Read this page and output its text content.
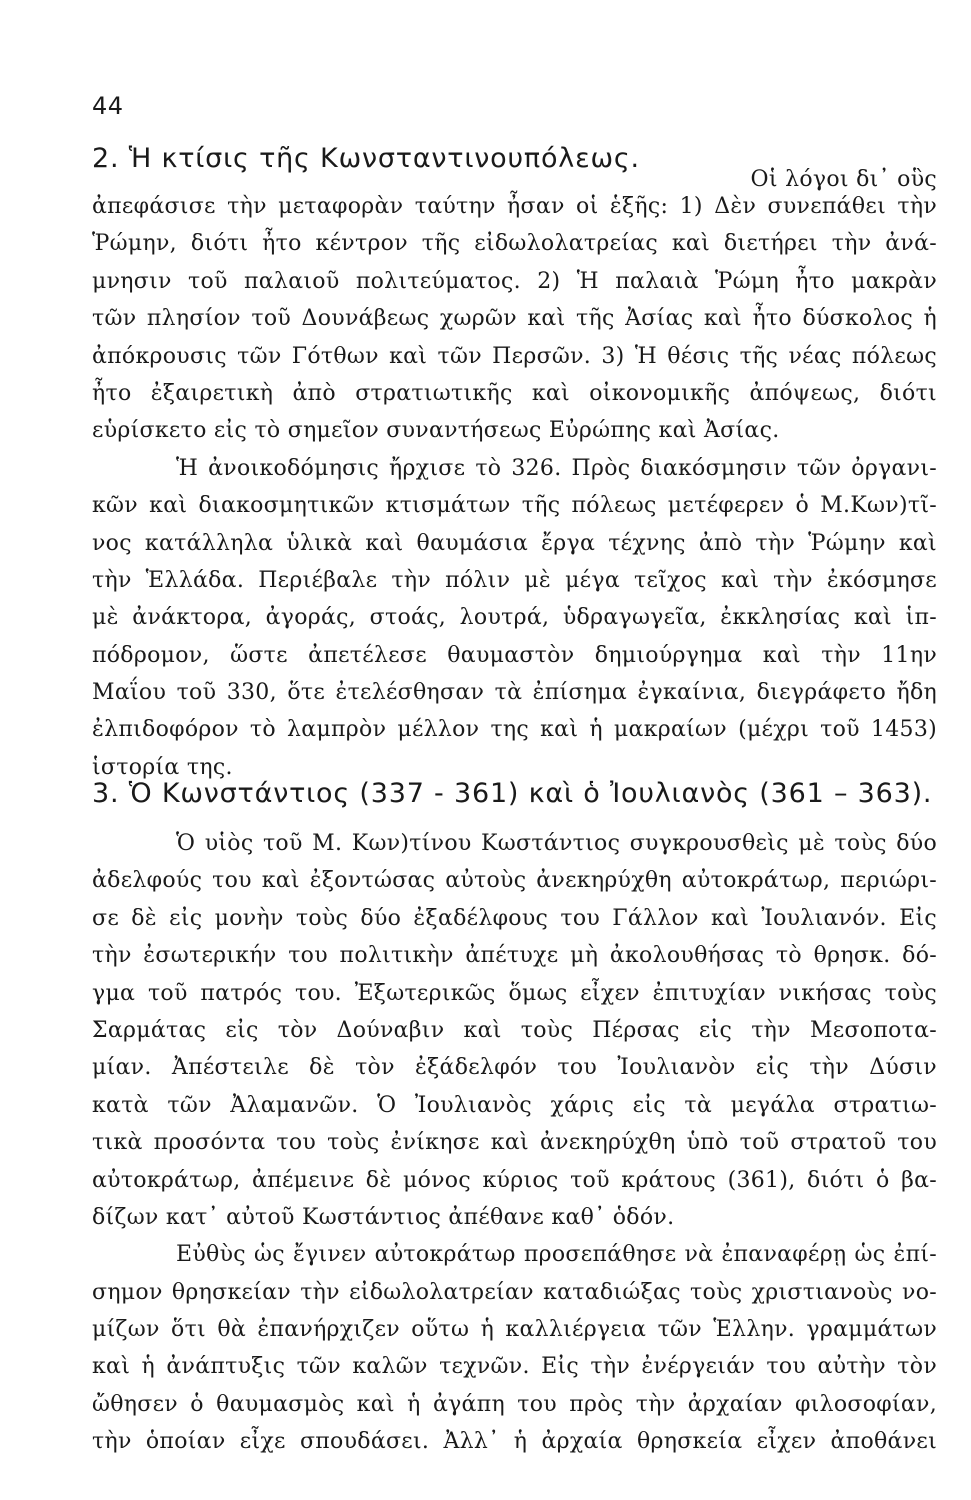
44
2. Ἡ κτίσις τῆς Κωνσταντινουπόλεως.
Οἱ λόγοι δι᾽ οὓς
ἀπεφάσισε τὴν μεταφορὰν ταύτην ἦσαν οἱ ἑξῆς: 1) Δὲν συνεπάθει τὴν
Ῥώμην, διότι ἦτο κέντρον τῆς εἰδωλολατρείας καὶ διετήρει τὴν ἀνά-
μνησιν τοῦ παλαιοῦ πολιτεύματος. 2) Ἡ παλαιὰ Ῥώμη ἦτο μακρὰν
τῶν πλησίον τοῦ Δουνάβεως χωρῶν καὶ τῆς Ἀσίας καὶ ἦτο δύσκολος ἡ
ἀπόκρουσις τῶν Γότθων καὶ τῶν Περσῶν. 3) Ἡ θέσις τῆς νέας πόλεως
ἦτο ἐξαιρετικὴ ἀπὸ στρατιωτικῆς καὶ οἰκονομικῆς ἀπόψεως, διότι
εὑρίσκετο εἰς τὸ σημεῖον συναντήσεως Εὐρώπης καὶ Ἀσίας.
Ἡ ἀνοικοδόμησις ἤρχισε τὸ 326. Πρὸς διακόσμησιν τῶν ὀργανι-
κῶν καὶ διακοσμητικῶν κτισμάτων τῆς πόλεως μετέφερεν ὁ Μ.Κων)τῖ-
νος κατάλληλα ὑλικὰ καὶ θαυμάσια ἔργα τέχνης ἀπὸ τὴν Ῥώμην καὶ
τὴν Ἑλλάδα. Περιέβαλε τὴν πόλιν μὲ μέγα τεῖχος καὶ τὴν ἐκόσμησε
μὲ ἀνάκτορα, ἀγοράς, στοάς, λουτρά, ὑδραγωγεῖα, ἐκκλησίας καὶ ἱπ-
πόδρομον, ὥστε ἀπετέλεσε θαυμαστὸν δημιούργημα καὶ τὴν 11ην
Μαΐου τοῦ 330, ὅτε ἐτελέσθησαν τὰ ἐπίσημα ἐγκαίνια, διεγράφετο ἤδη
ἐλπιδοφόρον τὸ λαμπρὸν μέλλον της καὶ ἡ μακραίων (μέχρι τοῦ 1453)
ἱστορία της.
3. Ὁ Κωνστάντιος (337 - 361) καὶ ὁ Ἰουλιανὸς (361 – 363).
Ὁ υἱὸς τοῦ Μ. Κων)τίνου Κωστάντιος συγκρουσθεὶς μὲ τοὺς δύο
ἀδελφούς του καὶ ἐξοντώσας αὐτοὺς ἀνεκηρύχθη αὐτοκράτωρ, περιώρι-
σε δὲ εἰς μονὴν τοὺς δύο ἐξαδέλφους του Γάλλον καὶ Ἰουλιανόν. Εἰς
τὴν ἐσωτερικήν του πολιτικὴν ἀπέτυχε μὴ ἀκολουθήσας τὸ θρησκ. δό-
γμα τοῦ πατρός του. Ἐξωτερικῶς ὅμως εἶχεν ἐπιτυχίαν νικήσας τοὺς
Σαρμάτας εἰς τὸν Δούναβιν καὶ τοὺς Πέρσας εἰς τὴν Μεσοποτα-
μίαν. Ἀπέστειλε δὲ τὸν ἐξάδελφόν του Ἰουλιανὸν εἰς τὴν Δύσιν
κατὰ τῶν Ἀλαμανῶν. Ὁ Ἰουλιανὸς χάρις εἰς τὰ μεγάλα στρατιω-
τικὰ προσόντα του τοὺς ἐνίκησε καὶ ἀνεκηρύχθη ὑπὸ τοῦ στρατοῦ του
αὐτοκράτωρ, ἀπέμεινε δὲ μόνος κύριος τοῦ κράτους (361), διότι ὁ βα-
δίζων κατ᾽ αὐτοῦ Κωστάντιος ἀπέθανε καθ᾽ ὁδόν.
Εὐθὺς ὡς ἔγινεν αὐτοκράτωρ προσεπάθησε νὰ ἐπαναφέρῃ ὡς ἐπί-
σημον θρησκείαν τὴν εἰδωλολατρείαν καταδιώξας τοὺς χριστιανοὺς νο-
μίζων ὅτι θὰ ἐπανήρχιζεν οὕτω ἡ καλλιέργεια τῶν Ἑλλην. γραμμάτων
καὶ ἡ ἀνάπτυξις τῶν καλῶν τεχνῶν. Εἰς τὴν ἐνέργειάν του αὐτὴν τὸν
ὤθησεν ὁ θαυμασμὸς καὶ ἡ ἀγάπη του πρὸς τὴν ἀρχαίαν φιλοσοφίαν,
τὴν ὁποίαν εἶχε σπουδάσει. Ἀλλ᾽ ἡ ἀρχαία θρησκεία εἶχεν ἀποθάνει
